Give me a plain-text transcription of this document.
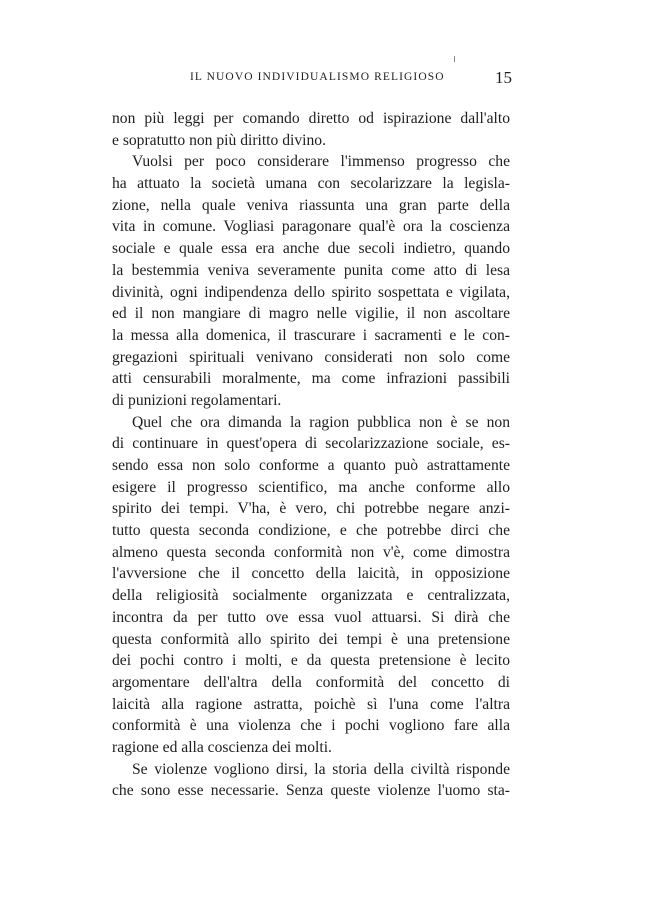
IL NUOVO INDIVIDUALISMO RELIGIOSO	15
non più leggi per comando diretto od ispirazione dall'alto
e sopratutto non più diritto divino.
Vuolsi per poco considerare l'immenso progresso che
ha attuato la società umana con secolarizzare la legisla-
zione, nella quale veniva riassunta una gran parte della
vita in comune. Vogliasi paragonare qual'è ora la coscienza
sociale e quale essa era anche due secoli indietro, quando
la bestemmia veniva severamente punita come atto di lesa
divinità, ogni indipendenza dello spirito sospettata e vigilata,
ed il non mangiare di magro nelle vigilie, il non ascoltare
la messa alla domenica, il trascurare i sacramenti e le con-
gregazioni spirituali venivano considerati non solo come
atti censurabili moralmente, ma come infrazioni passibili
di punizioni regolamentari.
Quel che ora dimanda la ragion pubblica non è se non
di continuare in quest'opera di secolarizzazione sociale, es-
sendo essa non solo conforme a quanto può astrattamente
esigere il progresso scientifico, ma anche conforme allo
spirito dei tempi. V'ha, è vero, chi potrebbe negare anzi-
tutto questa seconda condizione, e che potrebbe dirci che
almeno questa seconda conformità non v'è, come dimostra
l'avversione che il concetto della laicità, in opposizione
della religiosità socialmente organizzata e centralizzata,
incontra da per tutto ove essa vuol attuarsi. Si dirà che
questa conformità allo spirito dei tempi è una pretensione
dei pochi contro i molti, e da questa pretensione è lecito
argomentare dell'altra della conformità del concetto di
laicità alla ragione astratta, poichè sì l'una come l'altra
conformità è una violenza che i pochi vogliono fare alla
ragione ed alla coscienza dei molti.
Se violenze vogliono dirsi, la storia della civiltà risponde
che sono esse necessarie. Senza queste violenze l'uomo sta-
